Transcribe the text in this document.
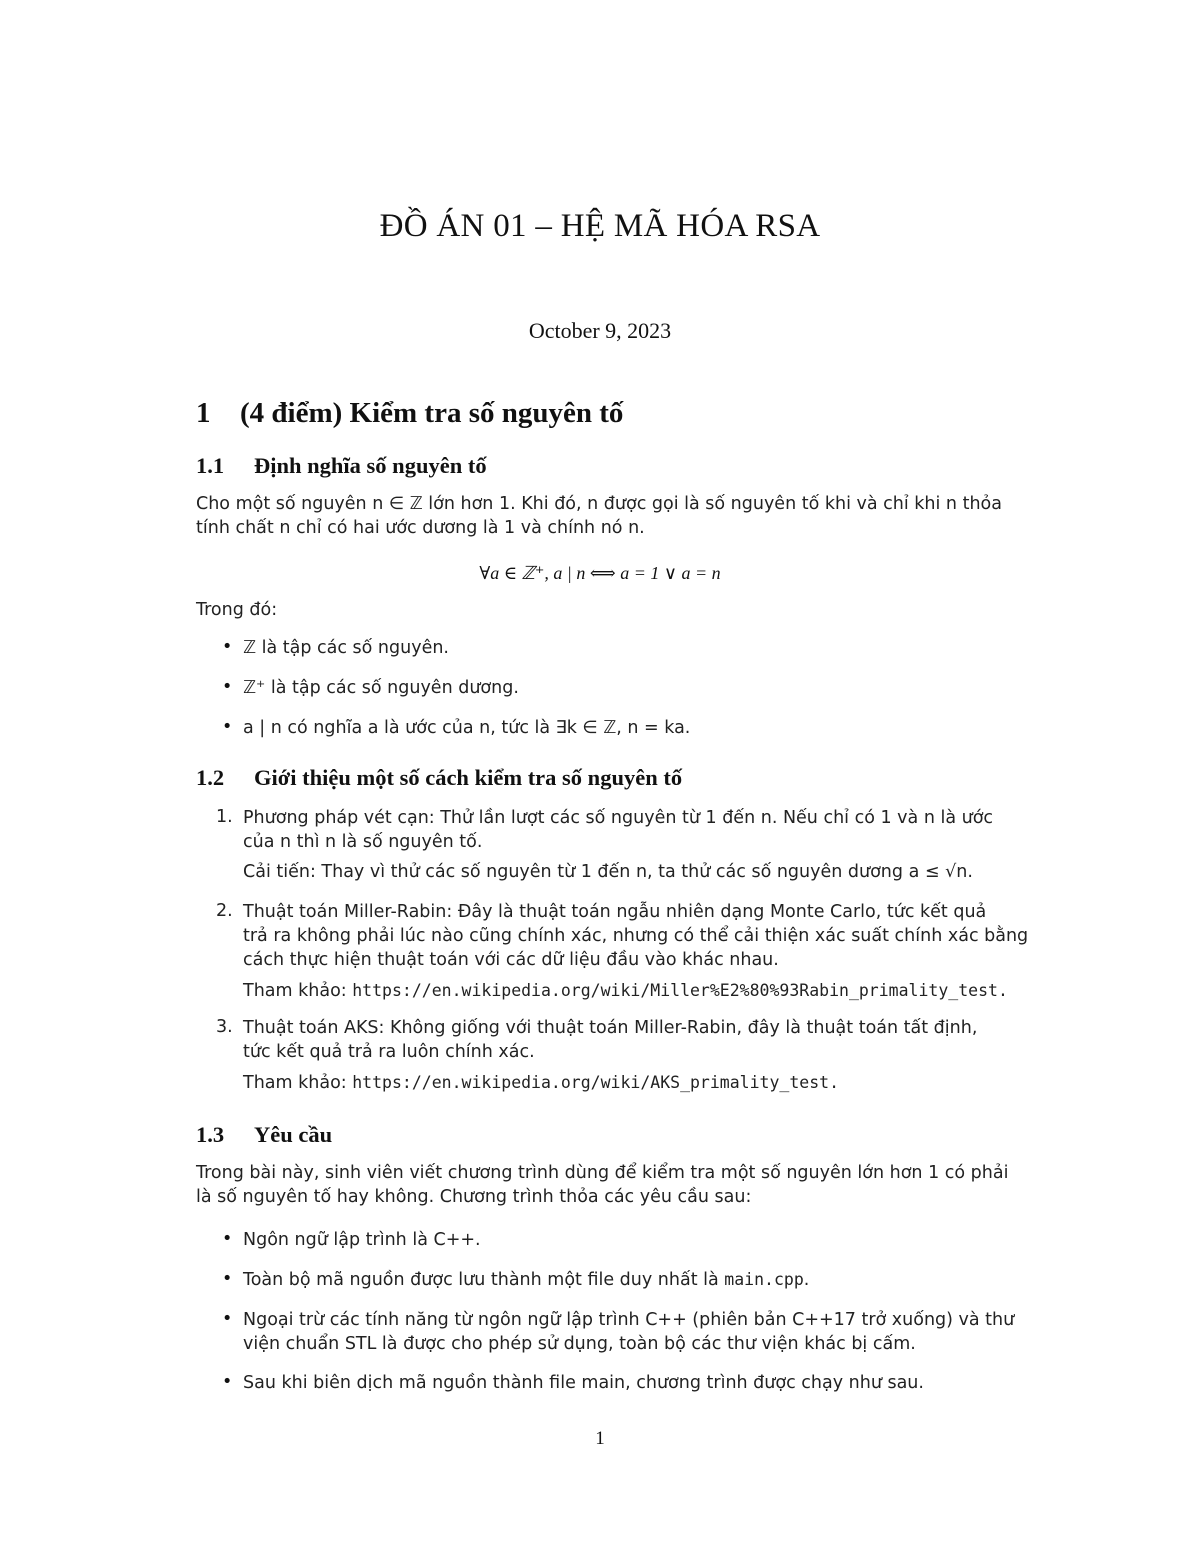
ĐỒ ÁN 01 – HỆ MÃ HÓA RSA
October 9, 2023
1 (4 điểm) Kiểm tra số nguyên tố
1.1 Định nghĩa số nguyên tố
Cho một số nguyên n ∈ ℤ lớn hơn 1. Khi đó, n được gọi là số nguyên tố khi và chỉ khi n thỏa
tính chất n chỉ có hai ước dương là 1 và chính nó n.
∀a ∈ ℤ⁺, a | n ⟺ a = 1 ∨ a = n
Trong đó:
• ℤ là tập các số nguyên.
• ℤ⁺ là tập các số nguyên dương.
• a | n có nghĩa a là ước của n, tức là ∃k ∈ ℤ, n = ka.
1.2 Giới thiệu một số cách kiểm tra số nguyên tố
1. Phương pháp vét cạn: Thử lần lượt các số nguyên từ 1 đến n. Nếu chỉ có 1 và n là ước
của n thì n là số nguyên tố.
Cải tiến: Thay vì thử các số nguyên từ 1 đến n, ta thử các số nguyên dương a ≤ √n.
2. Thuật toán Miller-Rabin: Đây là thuật toán ngẫu nhiên dạng Monte Carlo, tức kết quả
trả ra không phải lúc nào cũng chính xác, nhưng có thể cải thiện xác suất chính xác bằng
cách thực hiện thuật toán với các dữ liệu đầu vào khác nhau.
Tham khảo: https://en.wikipedia.org/wiki/Miller%E2%80%93Rabin_primality_test.
3. Thuật toán AKS: Không giống với thuật toán Miller-Rabin, đây là thuật toán tất định,
tức kết quả trả ra luôn chính xác.
Tham khảo: https://en.wikipedia.org/wiki/AKS_primality_test.
1.3 Yêu cầu
Trong bài này, sinh viên viết chương trình dùng để kiểm tra một số nguyên lớn hơn 1 có phải
là số nguyên tố hay không. Chương trình thỏa các yêu cầu sau:
• Ngôn ngữ lập trình là C++.
• Toàn bộ mã nguồn được lưu thành một file duy nhất là main.cpp.
• Ngoại trừ các tính năng từ ngôn ngữ lập trình C++ (phiên bản C++17 trở xuống) và thư
viện chuẩn STL là được cho phép sử dụng, toàn bộ các thư viện khác bị cấm.
• Sau khi biên dịch mã nguồn thành file main, chương trình được chạy như sau.
1
